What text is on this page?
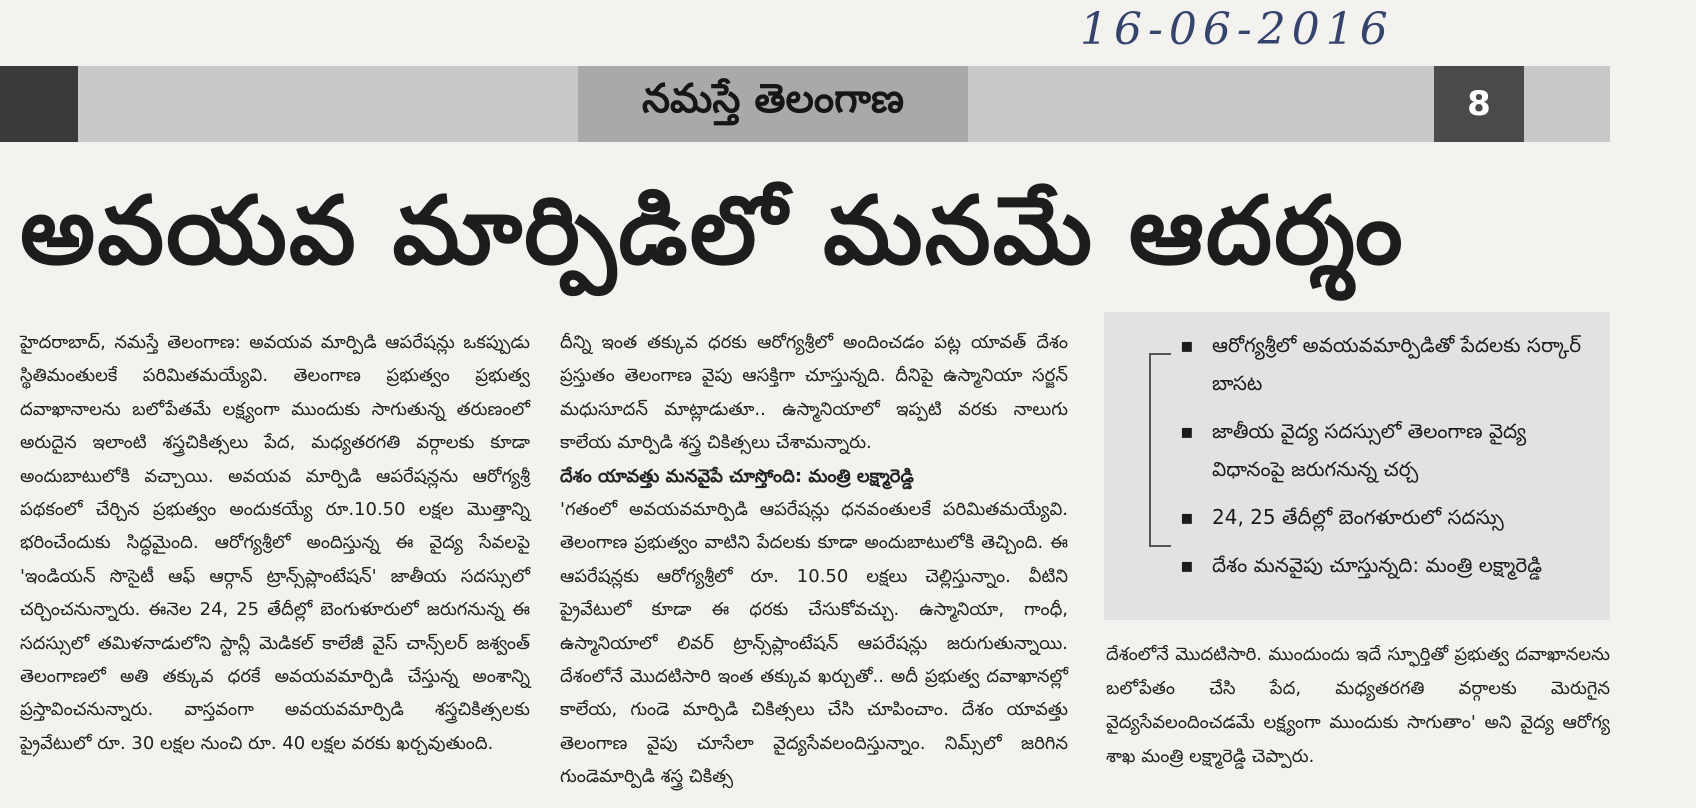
16-06-2016
నమస్తే తెలంగాణ	8
అవయవ మార్పిడిలో మనమే ఆదర్శం

హైదరాబాద్, నమస్తే తెలంగాణ: అవయవ మార్పిడి ఆపరేషన్లు ఒకప్పుడు స్థితిమంతులకే పరిమితమయ్యేవి. తెలంగాణ ప్రభుత్వం ప్రభుత్వ దవాఖానాలను బలోపేతమే లక్ష్యంగా ముందుకు సాగుతున్న తరుణంలో అరుదైన ఇలాంటి శస్త్రచికిత్సలు పేద, మధ్యతరగతి వర్గాలకు కూడా అందుబాటులోకి వచ్చాయి. అవయవ మార్పిడి ఆపరేషన్లను ఆరోగ్యశ్రీ పథకంలో చేర్చిన ప్రభుత్వం అందుకయ్యే రూ.10.50 లక్షల మొత్తాన్ని భరించేందుకు సిద్ధమైంది. ఆరోగ్యశ్రీలో అందిస్తున్న ఈ వైద్య సేవలపై 'ఇండియన్ సొసైటీ ఆఫ్ ఆర్గాన్ ట్రాన్స్‌ప్లాంటేషన్' జాతీయ సదస్సులో చర్చించనున్నారు. ఈనెల 24, 25 తేదీల్లో బెంగుళూరులో జరుగనున్న ఈ సదస్సులో తమిళనాడులోని స్టాన్లీ మెడికల్ కాలేజీ వైస్ చాన్స్‌లర్ జశ్వంత్ తెలంగాణలో అతి తక్కువ ధరకే అవయవమార్పిడి చేస్తున్న అంశాన్ని ప్రస్తావించనున్నారు. వాస్తవంగా అవయవమార్పిడి శస్త్రచికిత్సలకు ప్రైవేటులో రూ. 30 లక్షల నుంచి రూ. 40 లక్షల వరకు ఖర్చవుతుంది.

దీన్ని ఇంత తక్కువ ధరకు ఆరోగ్యశ్రీలో అందించడం పట్ల యావత్ దేశం ప్రస్తుతం తెలంగాణ వైపు ఆసక్తిగా చూస్తున్నది. దీనిపై ఉస్మానియా సర్జన్ మధుసూదన్ మాట్లాడుతూ.. ఉస్మానియాలో ఇప్పటి వరకు నాలుగు కాలేయ మార్పిడి శస్త్ర చికిత్సలు చేశామన్నారు.

దేశం యావత్తు మనవైపే చూస్తోంది: మంత్రి లక్ష్మారెడ్డి

'గతంలో అవయవమార్పిడి ఆపరేషన్లు ధనవంతులకే పరిమితమయ్యేవి. తెలంగాణ ప్రభుత్వం వాటిని పేదలకు కూడా అందుబాటులోకి తెచ్చింది. ఈ ఆపరేషన్లకు ఆరోగ్యశ్రీలో రూ. 10.50 లక్షలు చెల్లిస్తున్నాం. వీటిని ప్రైవేటులో కూడా ఈ ధరకు చేసుకోవచ్చు. ఉస్మానియా, గాంధీ, ఉస్మానియాలో లివర్ ట్రాన్స్‌ప్లాంటేషన్ ఆపరేషన్లు జరుగుతున్నాయి. దేశంలోనే మొదటిసారి ఇంత తక్కువ ఖర్చుతో.. అదీ ప్రభుత్వ దవాఖానల్లో కాలేయ, గుండె మార్పిడి చికిత్సలు చేసి చూపించాం. దేశం యావత్తు తెలంగాణ వైపు చూసేలా వైద్యసేవలందిస్తున్నాం. నిమ్స్‌లో జరిగిన గుండెమార్పిడి శస్త్ర చికిత్స

▪ ఆరోగ్యశ్రీలో అవయవమార్పిడితో పేదలకు సర్కార్ బాసట
▪ జాతీయ వైద్య సదస్సులో తెలంగాణ వైద్య విధానంపై జరుగనున్న చర్చ
▪ 24, 25 తేదీల్లో బెంగళూరులో సదస్సు
▪ దేశం మనవైపు చూస్తున్నది: మంత్రి లక్ష్మారెడ్డి

దేశంలోనే మొదటిసారి. ముందుందు ఇదే స్ఫూర్తితో ప్రభుత్వ దవాఖానలను బలోపేతం చేసి పేద, మధ్యతరగతి వర్గాలకు మెరుగైన వైద్యసేవలందించడమే లక్ష్యంగా ముందుకు సాగుతాం' అని వైద్య ఆరోగ్య శాఖ మంత్రి లక్ష్మారెడ్డి చెప్పారు.
